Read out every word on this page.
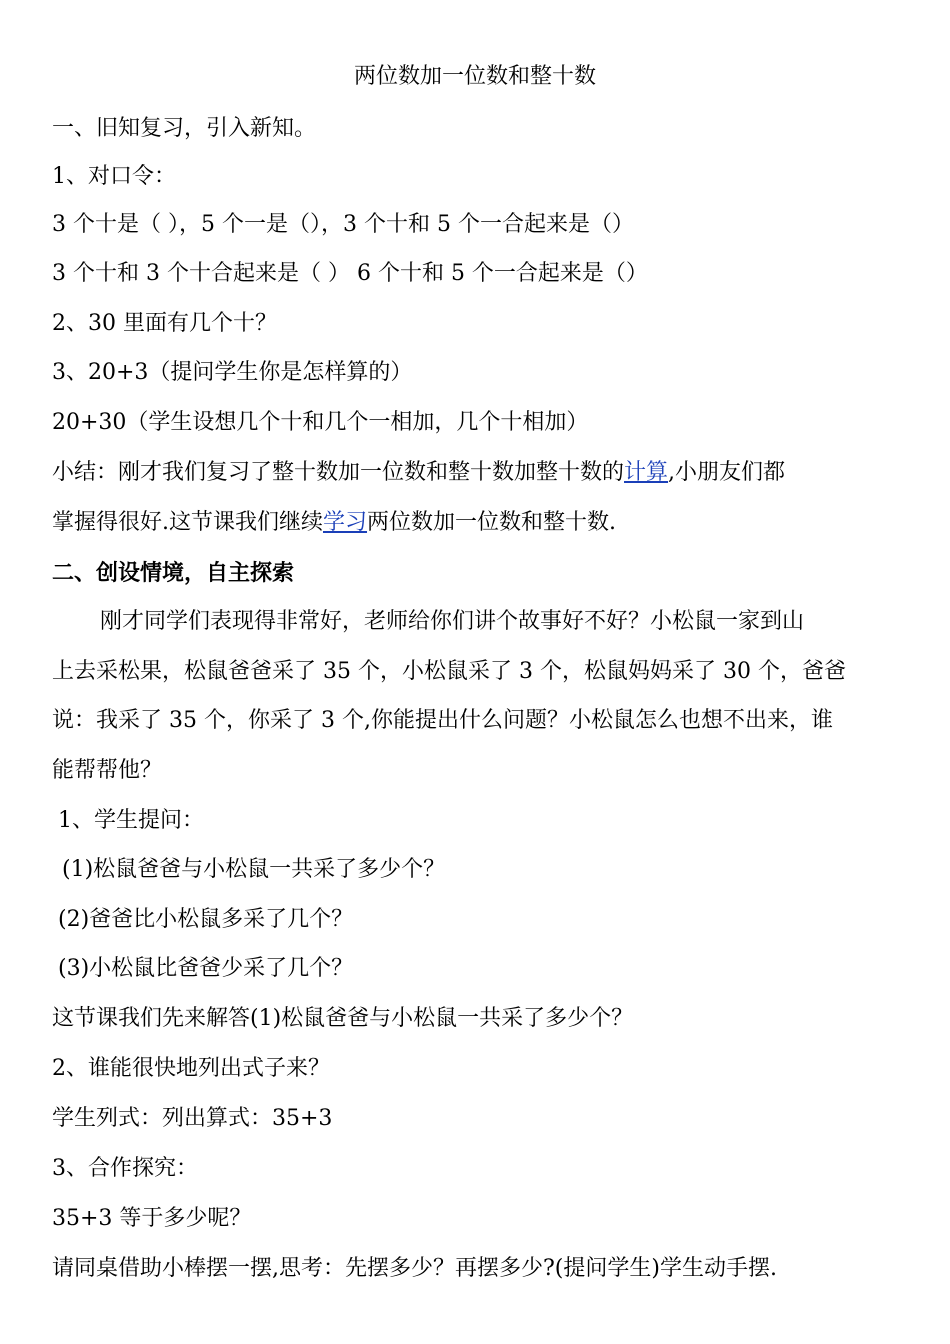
两位数加一位数和整十数
一、旧知复习，引入新知。
1、对口令：
3 个十是（ ），5 个一是（），3 个十和 5 个一合起来是（）
3 个十和 3 个十合起来是（ ） 6 个十和 5 个一合起来是（）
2、30 里面有几个十？
3、20+3（提问学生你是怎样算的）
20+30（学生设想几个十和几个一相加，几个十相加）
小结：刚才我们复习了整十数加一位数和整十数加整十数的计算,小朋友们都
掌握得很好.这节课我们继续学习两位数加一位数和整十数.
二、创设情境，自主探索
刚才同学们表现得非常好，老师给你们讲个故事好不好？小松鼠一家到山
上去采松果，松鼠爸爸采了 35 个，小松鼠采了 3 个，松鼠妈妈采了 30 个，爸爸
说：我采了 35 个，你采了 3 个,你能提出什么问题？小松鼠怎么也想不出来，谁
能帮帮他？
1、学生提问：
(1)松鼠爸爸与小松鼠一共采了多少个？
(2)爸爸比小松鼠多采了几个？
(3)小松鼠比爸爸少采了几个？
这节课我们先来解答(1)松鼠爸爸与小松鼠一共采了多少个？
2、谁能很快地列出式子来？
学生列式：列出算式：35+3
3、合作探究：
35+3 等于多少呢？
请同桌借助小棒摆一摆,思考：先摆多少？再摆多少?(提问学生)学生动手摆.
